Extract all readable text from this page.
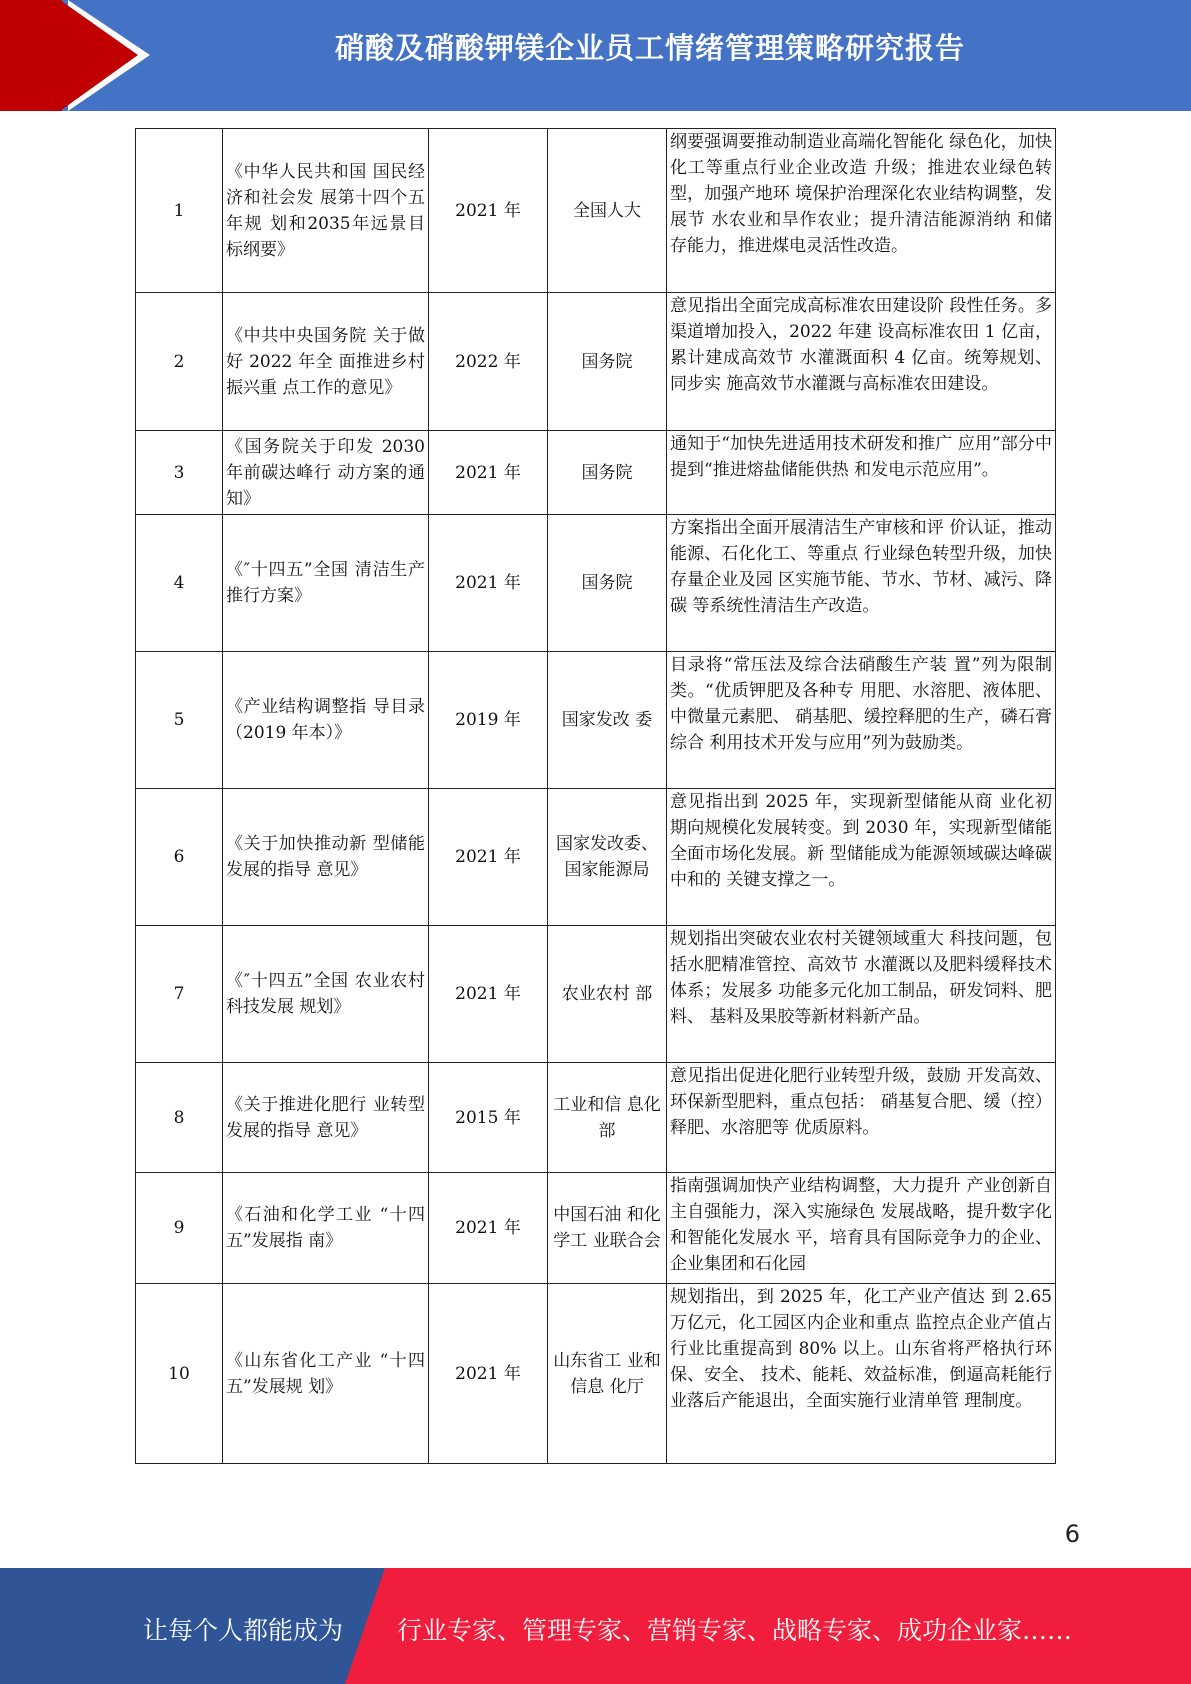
硝酸及硝酸钾镁企业员工情绪管理策略研究报告
1	《中华人民共和国 国民经济和社会发 展第十四个五年规 划和2035年远景目 标纲要》	2021 年	全国人大	纲要强调要推动制造业高端化智能化 绿色化，加快化工等重点行业企业改造 升级；推进农业绿色转型，加强产地环 境保护治理深化农业结构调整，发展节 水农业和旱作农业；提升清洁能源消纳 和储存能力，推进煤电灵活性改造。
2	《中共中央国务院 关于做好 2022 年全 面推进乡村振兴重 点工作的意见》	2022 年	国务院	意见指出全面完成高标准农田建设阶 段性任务。多渠道增加投入，2022 年建 设高标准农田 1 亿亩，累计建成高效节 水灌溉面积 4 亿亩。统筹规划、同步实 施高效节水灌溉与高标准农田建设。
3	《国务院关于印发 2030 年前碳达峰行 动方案的通知》	2021 年	国务院	通知于“加快先进适用技术研发和推广 应用”部分中提到“推进熔盐储能供热 和发电示范应用”。
4	《″十四五”全国 清洁生产推行方案》	2021 年	国务院	方案指出全面开展清洁生产审核和评 价认证，推动能源、石化化工、等重点 行业绿色转型升级，加快存量企业及园 区实施节能、节水、节材、减污、降碳 等系统性清洁生产改造。
5	《产业结构调整指 导目录（2019 年本）》	2019 年	国家发改 委	目录将“常压法及综合法硝酸生产装 置”列为限制类。“优质钾肥及各种专 用肥、水溶肥、液体肥、中微量元素肥、 硝基肥、缓控释肥的生产，磷石膏综合 利用技术开发与应用”列为鼓励类。
6	《关于加快推动新 型储能发展的指导 意见》	2021 年	国家发改委、国家能源局	意见指出到 2025 年，实现新型储能从商 业化初期向规模化发展转变。到 2030 年，实现新型储能全面市场化发展。新 型储能成为能源领域碳达峰碳中和的 关键支撑之一。
7	《″十四五”全国 农业农村科技发展 规划》	2021 年	农业农村 部	规划指出突破农业农村关键领域重大 科技问题，包括水肥精准管控、高效节 水灌溉以及肥料缓释技术体系；发展多 功能多元化加工制品，研发饲料、肥料、 基料及果胶等新材料新产品。
8	《关于推进化肥行 业转型发展的指导 意见》	2015 年	工业和信 息化部	意见指出促进化肥行业转型升级，鼓励 开发高效、环保新型肥料，重点包括： 硝基复合肥、缓（控）释肥、水溶肥等 优质原料。
9	《石油和化学工业 “十四五”发展指 南》	2021 年	中国石油 和化学工 业联合会	指南强调加快产业结构调整，大力提升 产业创新自主自强能力，深入实施绿色 发展战略，提升数字化和智能化发展水 平，培育具有国际竞争力的企业、企业集团和石化园
10	《山东省化工产业 “十四五”发展规 划》	2021 年	山东省工 业和信息 化厅	规划指出，到 2025 年，化工产业产值达 到 2.65 万亿元，化工园区内企业和重点 监控点企业产值占行业比重提高到 80% 以上。山东省将严格执行环保、安全、 技术、能耗、效益标准，倒逼高耗能行 业落后产能退出，全面实施行业清单管 理制度。
6
让每个人都能成为 行业专家、管理专家、营销专家、战略专家、成功企业家……
